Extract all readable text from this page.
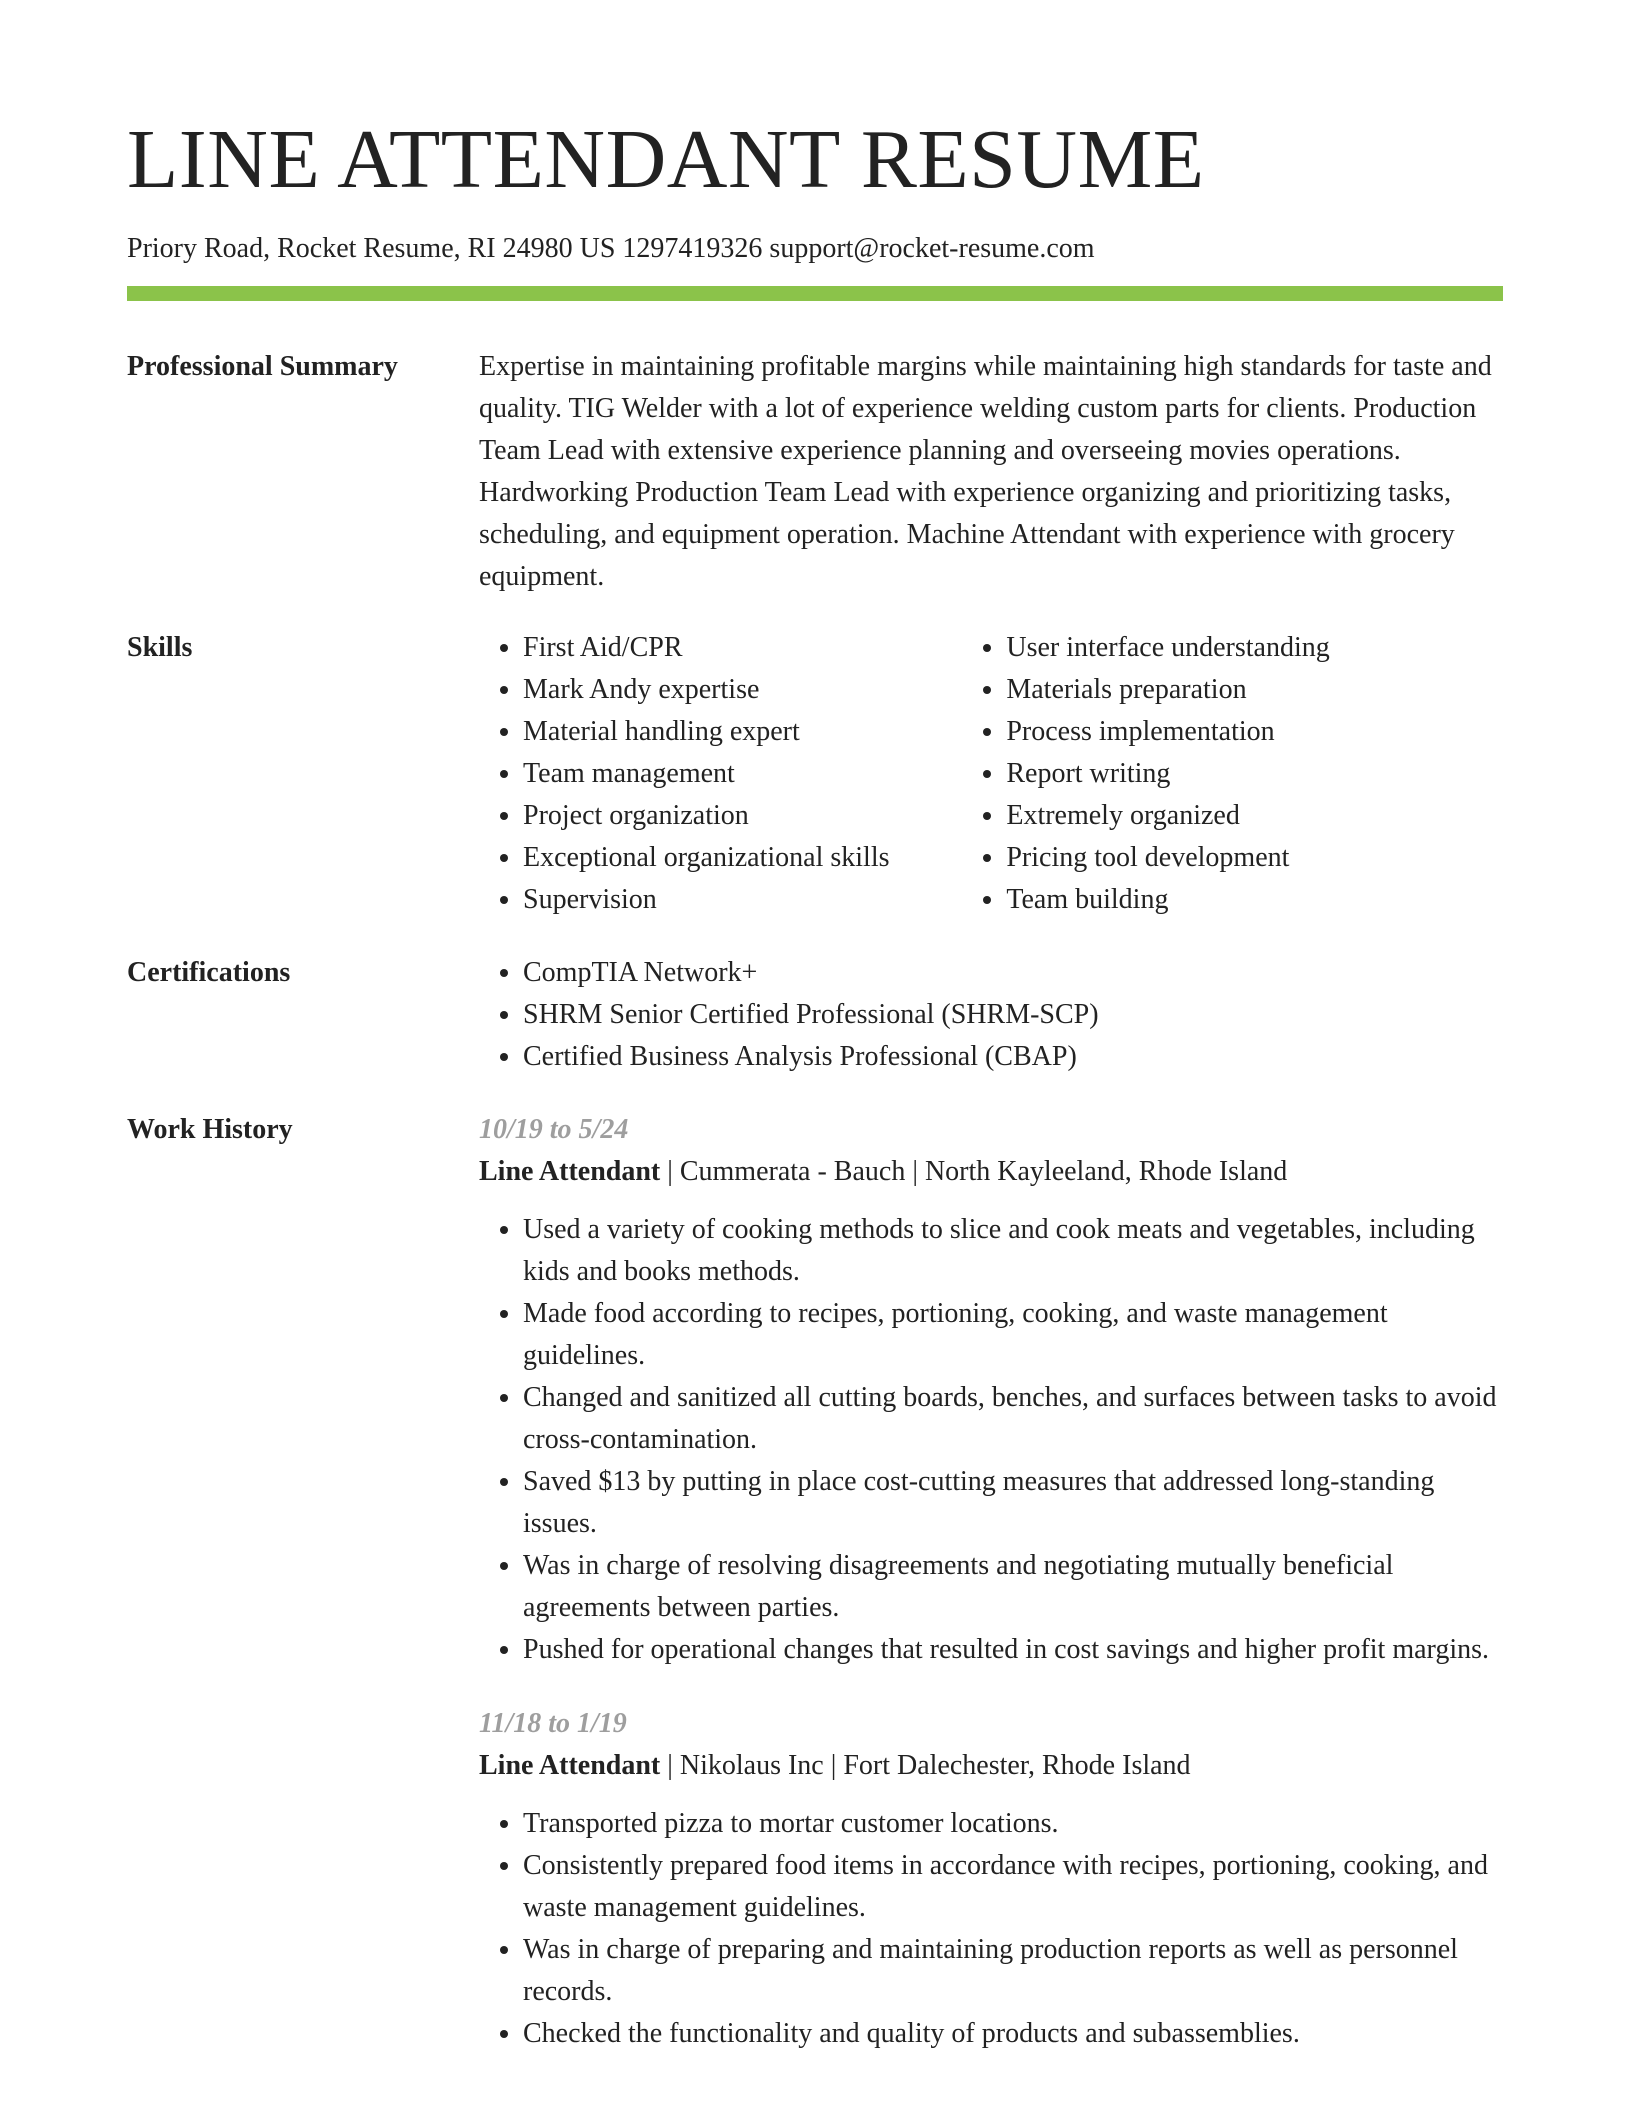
LINE ATTENDANT RESUME
Priory Road, Rocket Resume, RI 24980 US 1297419326 support@rocket-resume.com
Professional Summary	Expertise in maintaining profitable margins while maintaining high standards for taste and quality. TIG Welder with a lot of experience welding custom parts for clients. Production Team Lead with extensive experience planning and overseeing movies operations. Hardworking Production Team Lead with experience organizing and prioritizing tasks, scheduling, and equipment operation. Machine Attendant with experience with grocery equipment.

Skills	• First Aid/CPR
• Mark Andy expertise
• Material handling expert
• Team management
• Project organization
• Exceptional organizational skills
• Supervision
• User interface understanding
• Materials preparation
• Process implementation
• Report writing
• Extremely organized
• Pricing tool development
• Team building
Certifications	• CompTIA Network+
• SHRM Senior Certified Professional (SHRM-SCP)
• Certified Business Analysis Professional (CBAP)
Work History	10/19 to 5/24
Line Attendant | Cummerata - Bauch | North Kayleeland, Rhode Island
• Used a variety of cooking methods to slice and cook meats and vegetables, including kids and books methods.
• Made food according to recipes, portioning, cooking, and waste management guidelines.
• Changed and sanitized all cutting boards, benches, and surfaces between tasks to avoid cross-contamination.
• Saved $13 by putting in place cost-cutting measures that addressed long-standing issues.
• Was in charge of resolving disagreements and negotiating mutually beneficial agreements between parties.
• Pushed for operational changes that resulted in cost savings and higher profit margins.
11/18 to 1/19
Line Attendant | Nikolaus Inc | Fort Dalechester, Rhode Island
• Transported pizza to mortar customer locations.
• Consistently prepared food items in accordance with recipes, portioning, cooking, and waste management guidelines.
• Was in charge of preparing and maintaining production reports as well as personnel records.
• Checked the functionality and quality of products and subassemblies.
